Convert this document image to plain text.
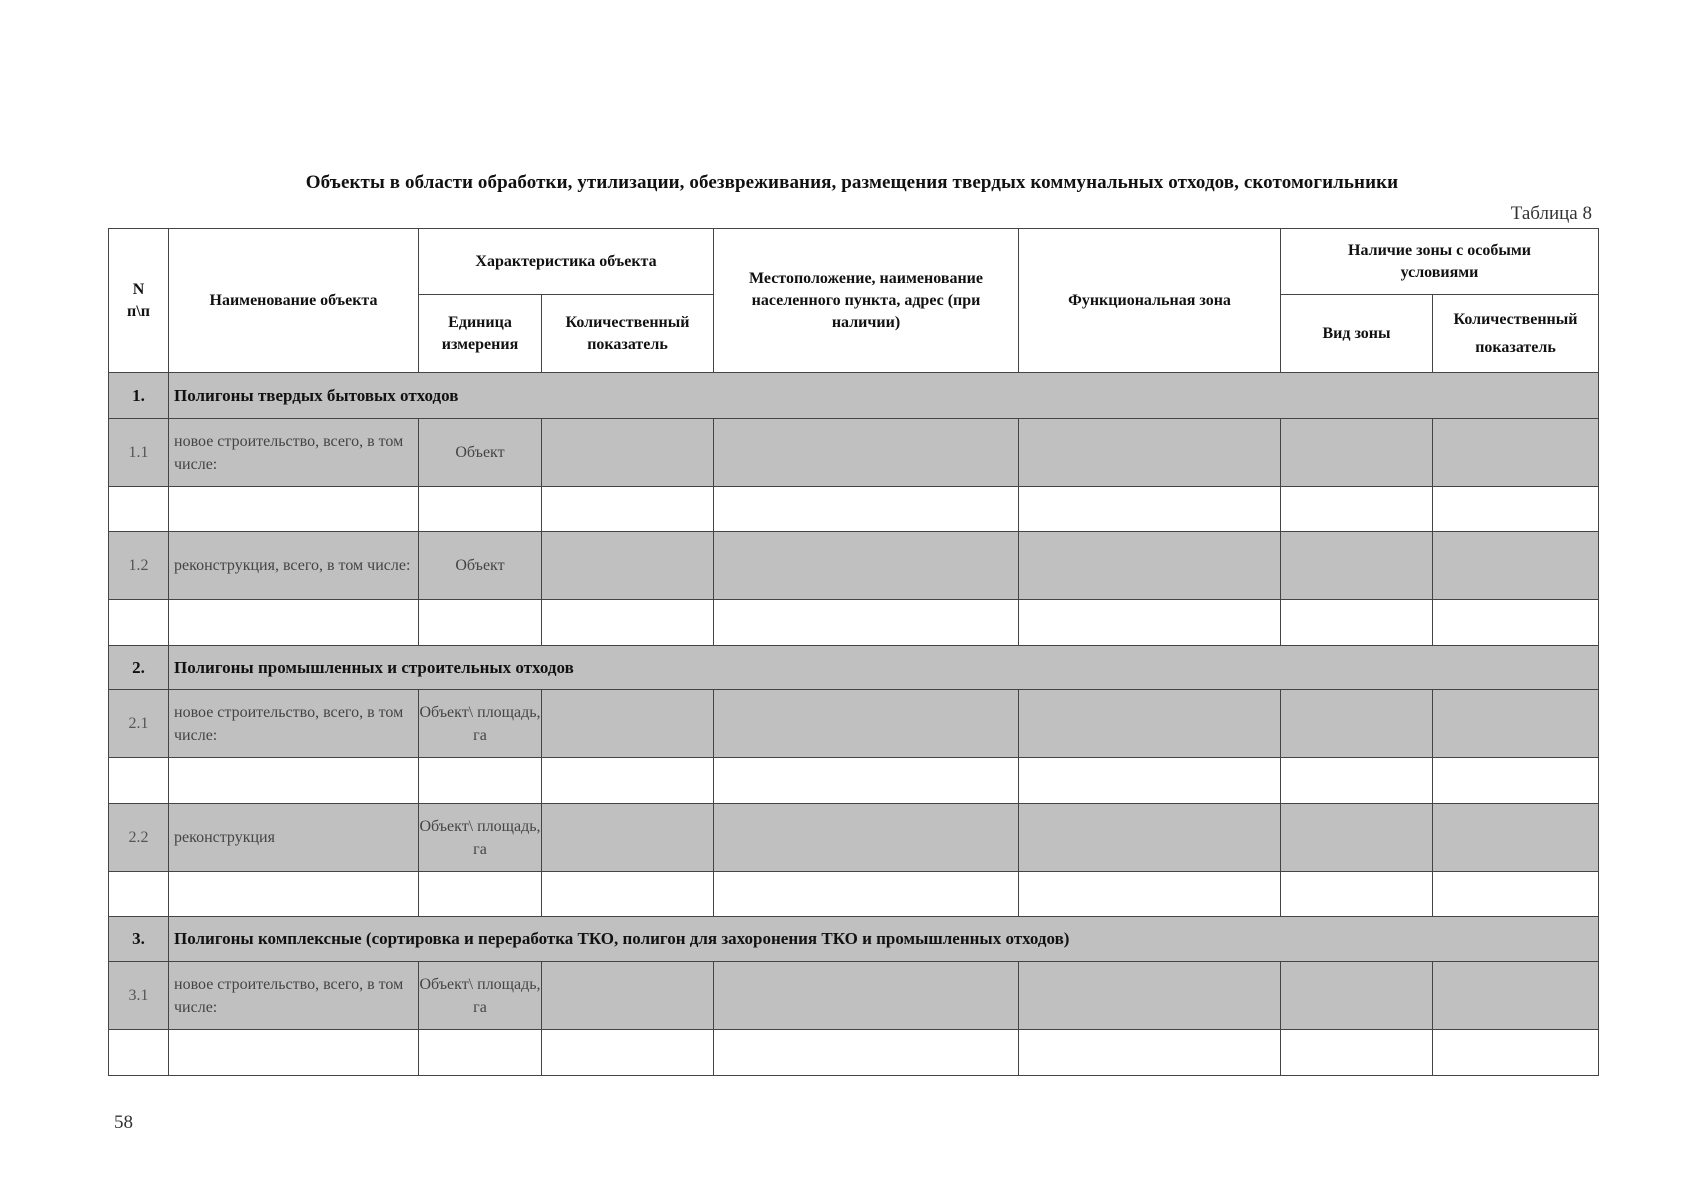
Объекты в области обработки, утилизации, обезвреживания, размещения твердых коммунальных отходов, скотомогильники
Таблица 8
N п\п	Наименование объекта	Характеристика объекта		Местоположение, наименование населенного пункта, адрес (при наличии)	Функциональная зона	Наличие зоны с особыми условиями	
		Единица измерения	Количественный показатель			Вид зоны	Количественный показатель
1.	Полигоны твердых бытовых отходов						
1.1	новое строительство, всего, в том числе:	Объект					

1.2	реконструкция, всего, в том числе:	Объект					

2.	Полигоны промышленных и строительных отходов						
2.1	новое строительство, всего, в том числе:	Объект\ площадь, га					

2.2	реконструкция	Объект\ площадь, га					

3.	Полигоны комплексные (сортировка и переработка ТКО, полигон для захоронения ТКО и промышленных отходов)						
3.1	новое строительство, всего, в том числе:	Объект\ площадь, га					

58
